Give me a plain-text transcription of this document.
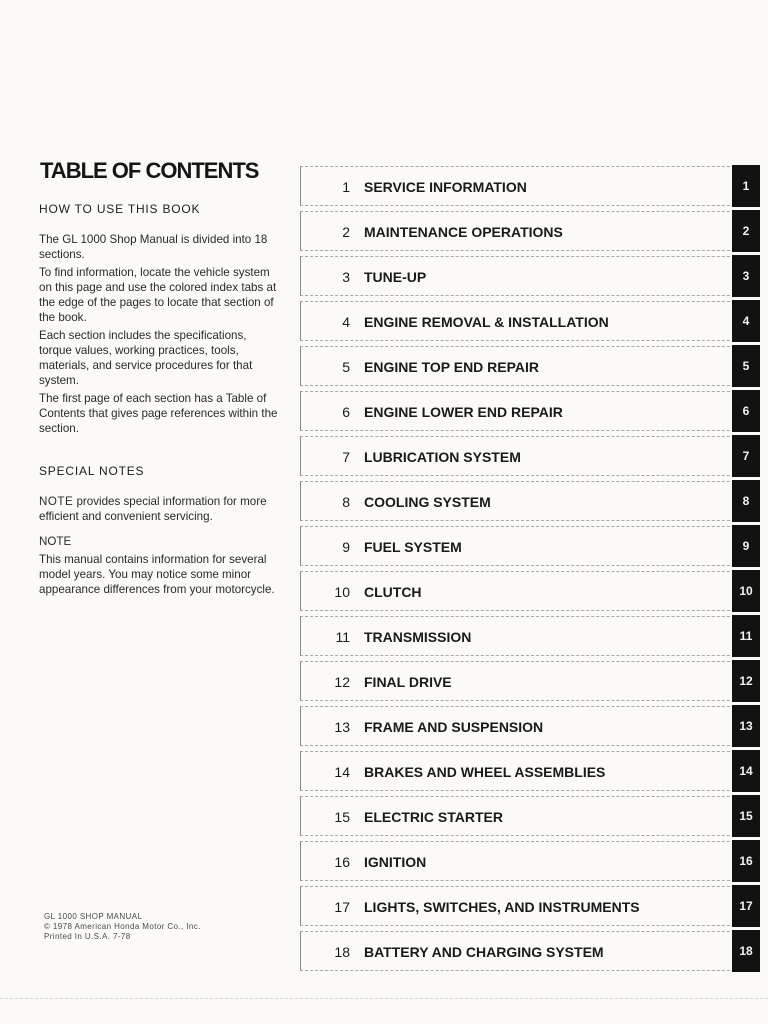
TABLE OF CONTENTS
HOW TO USE THIS BOOK
The GL 1000 Shop Manual is divided into 18 sections.
To find information, locate the vehicle system on this page and use the colored index tabs at the edge of the pages to locate that section of the book.
Each section includes the specifications, torque values, working practices, tools, materials, and service procedures for that system.
The first page of each section has a Table of Contents that gives page references within the section.
SPECIAL NOTES
NOTE provides special information for more efficient and convenient servicing.
NOTE
This manual contains information for several model years. You may notice some minor appearance differences from your motorcycle.
GL 1000 SHOP MANUAL
© 1978 American Honda Motor Co., Inc.
Printed In U.S.A. 7-78
1 SERVICE INFORMATION	1
2 MAINTENANCE OPERATIONS	2
3 TUNE-UP	3
4 ENGINE REMOVAL & INSTALLATION	4
5 ENGINE TOP END REPAIR	5
6 ENGINE LOWER END REPAIR	6
7 LUBRICATION SYSTEM	7
8 COOLING SYSTEM	8
9 FUEL SYSTEM	9
10 CLUTCH	10
11 TRANSMISSION	11
12 FINAL DRIVE	12
13 FRAME AND SUSPENSION	13
14 BRAKES AND WHEEL ASSEMBLIES	14
15 ELECTRIC STARTER	15
16 IGNITION	16
17 LIGHTS, SWITCHES, AND INSTRUMENTS	17
18 BATTERY AND CHARGING SYSTEM	18
